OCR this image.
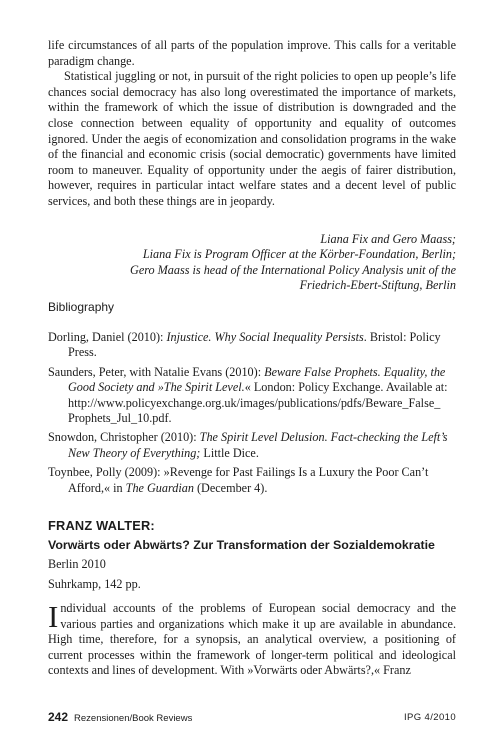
life circumstances of all parts of the population improve. This calls for a veritable paradigm change.

Statistical juggling or not, in pursuit of the right policies to open up people’s life chances social democracy has also long overestimated the importance of markets, within the framework of which the issue of distribution is downgraded and the close connection between equality of opportunity and equality of outcomes ignored. Under the aegis of economization and consolidation programs in the wake of the financial and economic crisis (social democratic) governments have limited room to maneuver. Equality of opportunity under the aegis of fairer distribution, however, requires in particular intact welfare states and a decent level of public services, and both these things are in jeopardy.

Liana Fix and Gero Maass;

Liana Fix is Program Officer at the Körber-Foundation, Berlin;

Gero Maass is head of the International Policy Analysis unit of the

Friedrich-Ebert-Stiftung, Berlin

Bibliography

Dorling, Daniel (2010): Injustice. Why Social Inequality Persists. Bristol: Policy Press.

Saunders, Peter, with Natalie Evans (2010): Beware False Prophets. Equality, the Good Society and »The Spirit Level.« London: Policy Exchange. Available at: http://www.policyexchange.org.uk/images/publications/pdfs/Beware_False_ Prophets_Jul_10.pdf.

Snowdon, Christopher (2010): The Spirit Level Delusion. Fact-checking the Left’s New Theory of Everything; Little Dice.

Toynbee, Polly (2009): »Revenge for Past Failings Is a Luxury the Poor Can’t Afford,« in The Guardian (December 4).

FRANZ WALTER:
Vorwärts oder Abwärts? Zur Transformation der Sozialdemokratie

Berlin 2010

Suhrkamp, 142 pp.

I ndividual accounts of the problems of European social democracy and the various parties and organizations which make it up are available in abundance. High time, therefore, for a synopsis, an analytical overview, a positioning of current processes within the framework of longer-term political and ideological contexts and lines of development. With »Vorwärts oder Abwärts?,« Franz

242 Rezensionen/Book Reviews	IPG 4/2010
